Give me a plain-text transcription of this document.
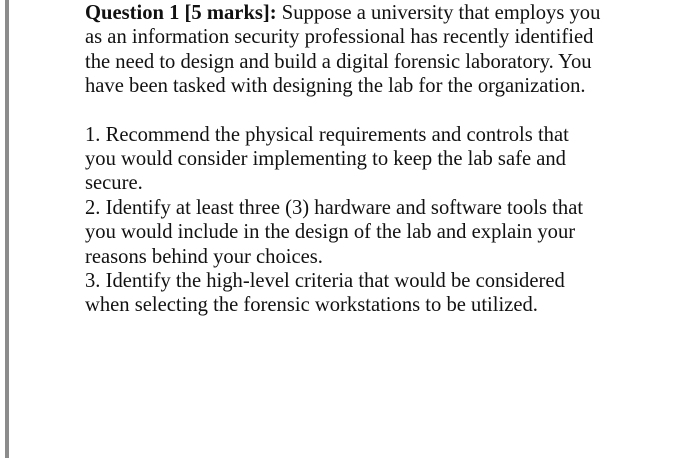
Question 1 [5 marks]: Suppose a university that employs you
as an information security professional has recently identified
the need to design and build a digital forensic laboratory. You
have been tasked with designing the lab for the organization.

1. Recommend the physical requirements and controls that
you would consider implementing to keep the lab safe and
secure.
2. Identify at least three (3) hardware and software tools that
you would include in the design of the lab and explain your
reasons behind your choices.
3. Identify the high-level criteria that would be considered
when selecting the forensic workstations to be utilized.
